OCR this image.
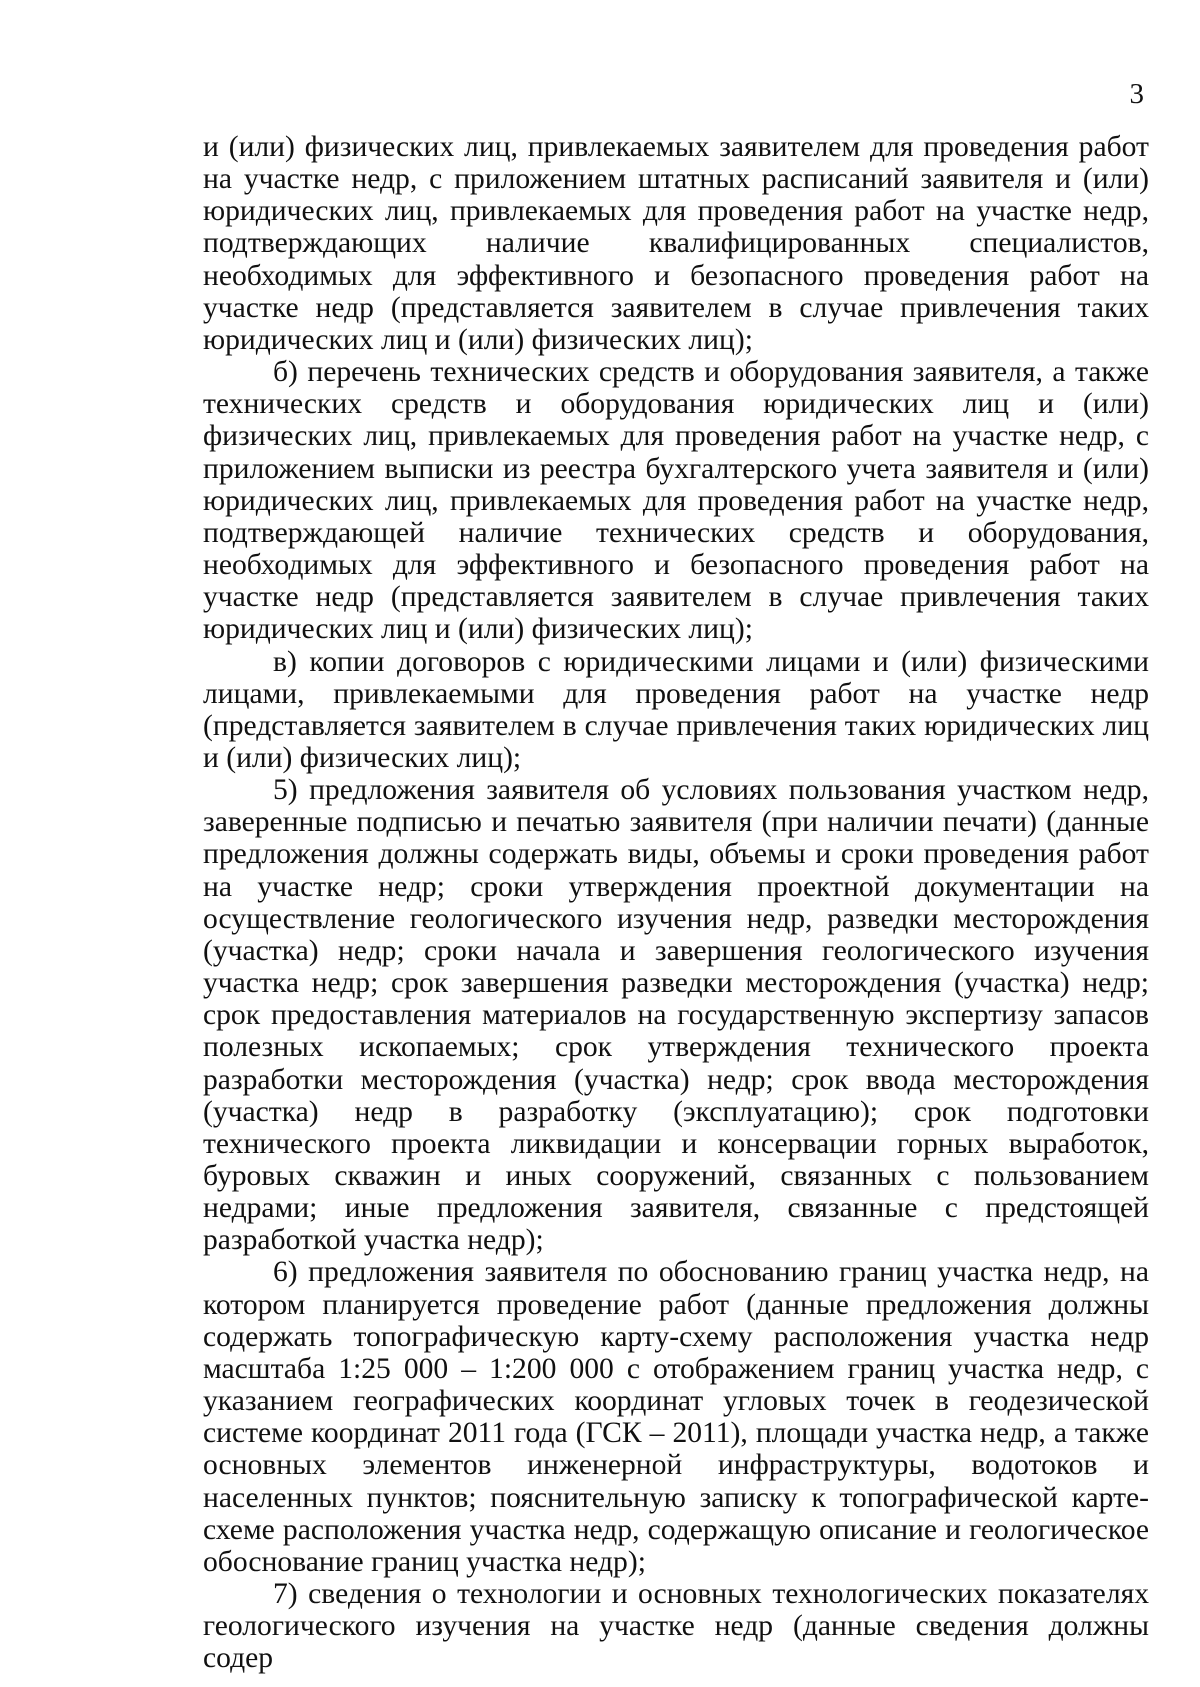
3

и (или) физических лиц, привлекаемых заявителем для проведения работ на участке недр, с приложением штатных расписаний заявителя и (или) юридических лиц, привлекаемых для проведения работ на участке недр, подтверждающих наличие квалифицированных специалистов, необходимых для эффективного и безопасного проведения работ на участке недр (представляется заявителем в случае привлечения таких юридических лиц и (или) физических лиц);

б) перечень технических средств и оборудования заявителя, а также технических средств и оборудования юридических лиц и (или) физических лиц, привлекаемых для проведения работ на участке недр, с приложением выписки из реестра бухгалтерского учета заявителя и (или) юридических лиц, привлекаемых для проведения работ на участке недр, подтверждающей наличие технических средств и оборудования, необходимых для эффективного и безопасного проведения работ на участке недр (представляется заявителем в случае привлечения таких юридических лиц и (или) физических лиц);

в) копии договоров с юридическими лицами и (или) физическими лицами, привлекаемыми для проведения работ на участке недр (представляется заявителем в случае привлечения таких юридических лиц и (или) физических лиц);

5) предложения заявителя об условиях пользования участком недр, заверенные подписью и печатью заявителя (при наличии печати) (данные предложения должны содержать виды, объемы и сроки проведения работ на участке недр; сроки утверждения проектной документации на осуществление геологического изучения недр, разведки месторождения (участка) недр; сроки начала и завершения геологического изучения участка недр; срок завершения разведки месторождения (участка) недр; срок предоставления материалов на государственную экспертизу запасов полезных ископаемых; срок утверждения технического проекта разработки месторождения (участка) недр; срок ввода месторождения (участка) недр в разработку (эксплуатацию); срок подготовки технического проекта ликвидации и консервации горных выработок, буровых скважин и иных сооружений, связанных с пользованием недрами; иные предложения заявителя, связанные с предстоящей разработкой участка недр);

6) предложения заявителя по обоснованию границ участка недр, на котором планируется проведение работ (данные предложения должны содержать топографическую карту-схему расположения участка недр масштаба 1:25 000 – 1:200 000 с отображением границ участка недр, с указанием географических координат угловых точек в геодезической системе координат 2011 года (ГСК – 2011), площади участка недр, а также основных элементов инженерной инфраструктуры, водотоков и населенных пунктов; пояснительную записку к топографической карте-схеме расположения участка недр, содержащую описание и геологическое обоснование границ участка недр);

7) сведения о технологии и основных технологических показателях геологического изучения на участке недр (данные сведения должны содер
